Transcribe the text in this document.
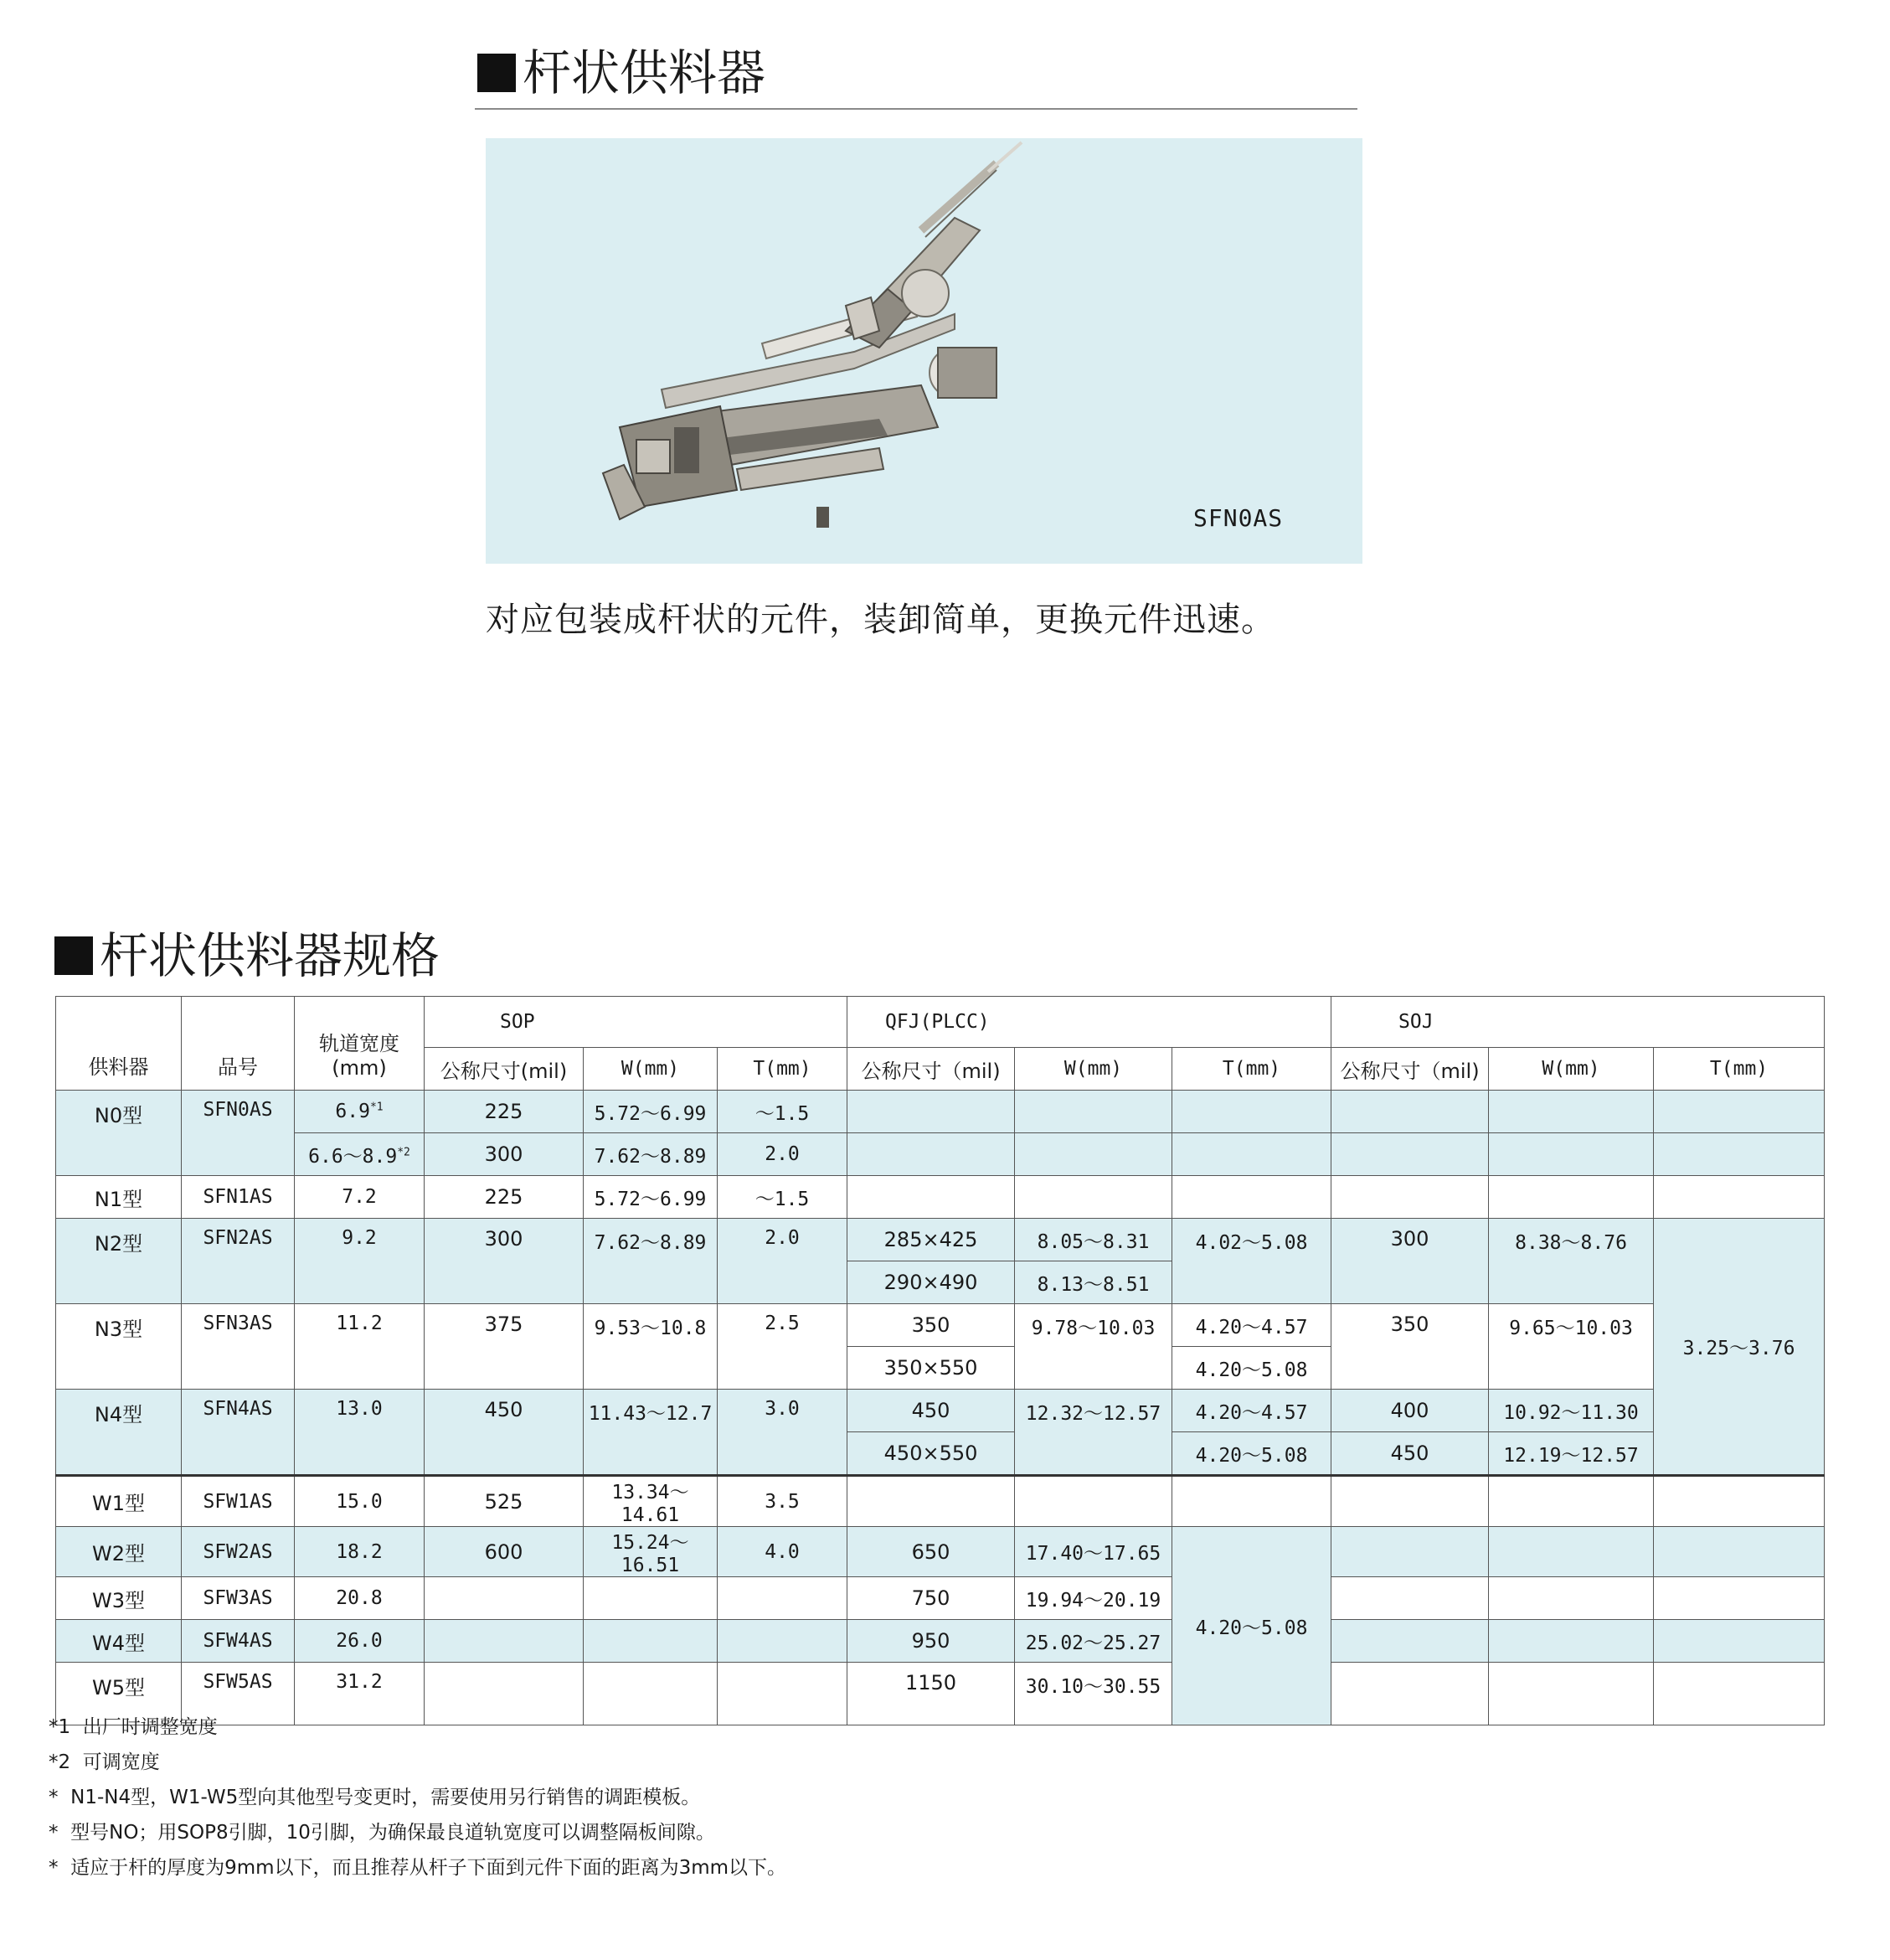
杆状供料器
SFN0AS
对应包装成杆状的元件，装卸简单，更换元件迅速。
杆状供料器规格
供料器	品号	轨道宽度(mm)	SOP			QFJ(PLCC)			SOJ		
			公称尺寸(mil)	W(mm)	T(mm)	公称尺寸（mil)	W(mm)	T(mm)	公称尺寸（mil)	W(mm)	T(mm)
N0型	SFN0AS	6.9$^{*1}$	225	5.72～6.99	～1.5						
		6.6～8.9$^{*2}$	300	7.62～8.89	2.0						
N1型	SFN1AS	7.2	225	5.72～6.99	～1.5						
N2型	SFN2AS	9.2	300	7.62～8.89	2.0	285×425	8.05～8.31	4.02～5.08	300	8.38～8.76	3.25～3.76
						290×490	8.13～8.51				
N3型	SFN3AS	11.2	375	9.53～10.8	2.5	350	9.78～10.03	4.20～4.57	350	9.65～10.03	
						350×550		4.20～5.08			
N4型	SFN4AS	13.0	450	11.43～12.7	3.0	450	12.32～12.57	4.20～4.57	400	10.92～11.30	
						450×550		4.20～5.08	450	12.19～12.57	
W1型	SFW1AS	15.0	525	13.34～14.61	3.5						
W2型	SFW2AS	18.2	600	15.24～16.51	4.0	650	17.40～17.65	4.20～5.08			
W3型	SFW3AS	20.8				750	19.94～20.19				
W4型	SFW4AS	26.0				950	25.02～25.27				
W5型	SFW5AS	31.2				1150	30.10～30.55				
*1  出厂时调整宽度
*2  可调宽度
*  N1-N4型，W1-W5型向其他型号变更时，需要使用另行销售的调距模板。
*  型号NO；用SOP8引脚，10引脚，为确保最良道轨宽度可以调整隔板间隙。
*  适应于杆的厚度为9mm以下，而且推荐从杆子下面到元件下面的距离为3mm以下。
